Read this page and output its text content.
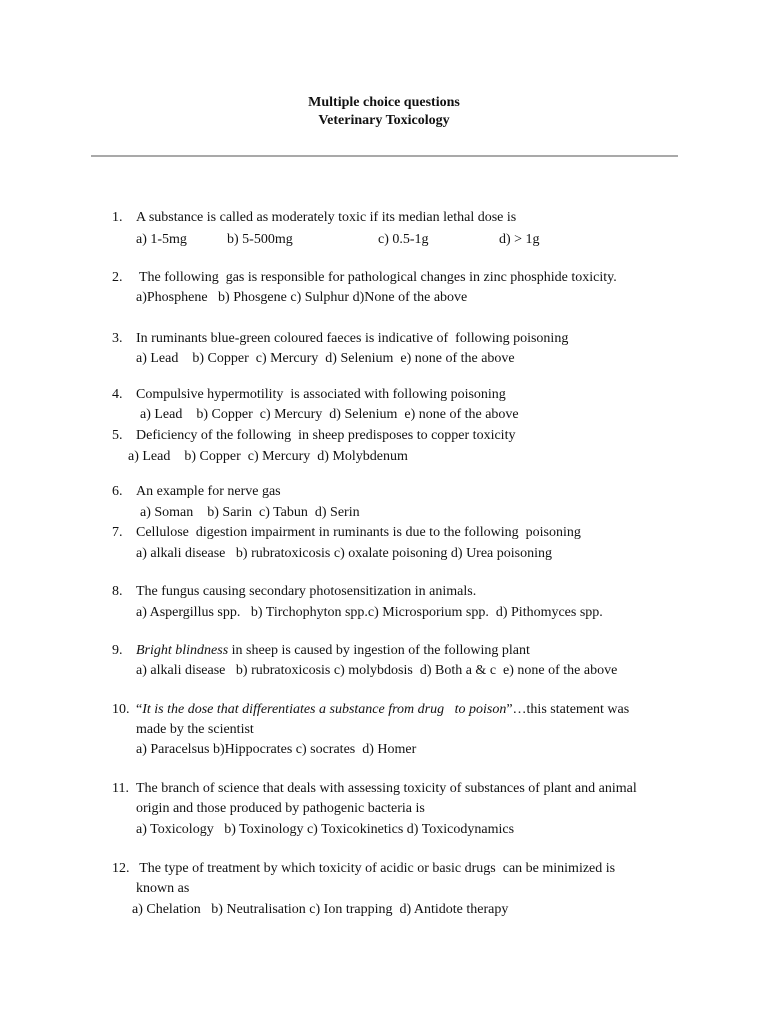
Multiple choice questions
Veterinary Toxicology
1. A substance is called as moderately toxic if its median lethal dose is
a) 1-5mg	b) 5-500mg	c) 0.5-1g	d) > 1g
2. The following  gas is responsible for pathological changes in zinc phosphide toxicity.
a)Phosphene   b) Phosgene c) Sulphur d)None of the above
3. In ruminants blue-green coloured faeces is indicative of  following poisoning
a) Lead    b) Copper  c) Mercury  d) Selenium  e) none of the above
4. Compulsive hypermotility  is associated with following poisoning
a) Lead    b) Copper  c) Mercury  d) Selenium  e) none of the above
5. Deficiency of the following  in sheep predisposes to copper toxicity
a) Lead    b) Copper  c) Mercury  d) Molybdenum
6. An example for nerve gas
a) Soman    b) Sarin  c) Tabun  d) Serin
7. Cellulose  digestion impairment in ruminants is due to the following  poisoning
a) alkali disease   b) rubratoxicosis c) oxalate poisoning d) Urea poisoning
8. The fungus causing secondary photosensitization in animals.
a) Aspergillus spp.   b) Tirchophyton spp.c) Microsporium spp.  d) Pithomyces spp.
9. Bright blindness in sheep is caused by ingestion of the following plant
a) alkali disease   b) rubratoxicosis c) molybdosis  d) Both a & c  e) none of the above
10. “It is the dose that differentiates a substance from drug   to poison”…this statement was
made by the scientist
a) Paracelsus b)Hippocrates c) socrates  d) Homer
11. The branch of science that deals with assessing toxicity of substances of plant and animal
origin and those produced by pathogenic bacteria is
a) Toxicology   b) Toxinology c) Toxicokinetics d) Toxicodynamics
12. The type of treatment by which toxicity of acidic or basic drugs  can be minimized is
known as
a) Chelation   b) Neutralisation c) Ion trapping  d) Antidote therapy
